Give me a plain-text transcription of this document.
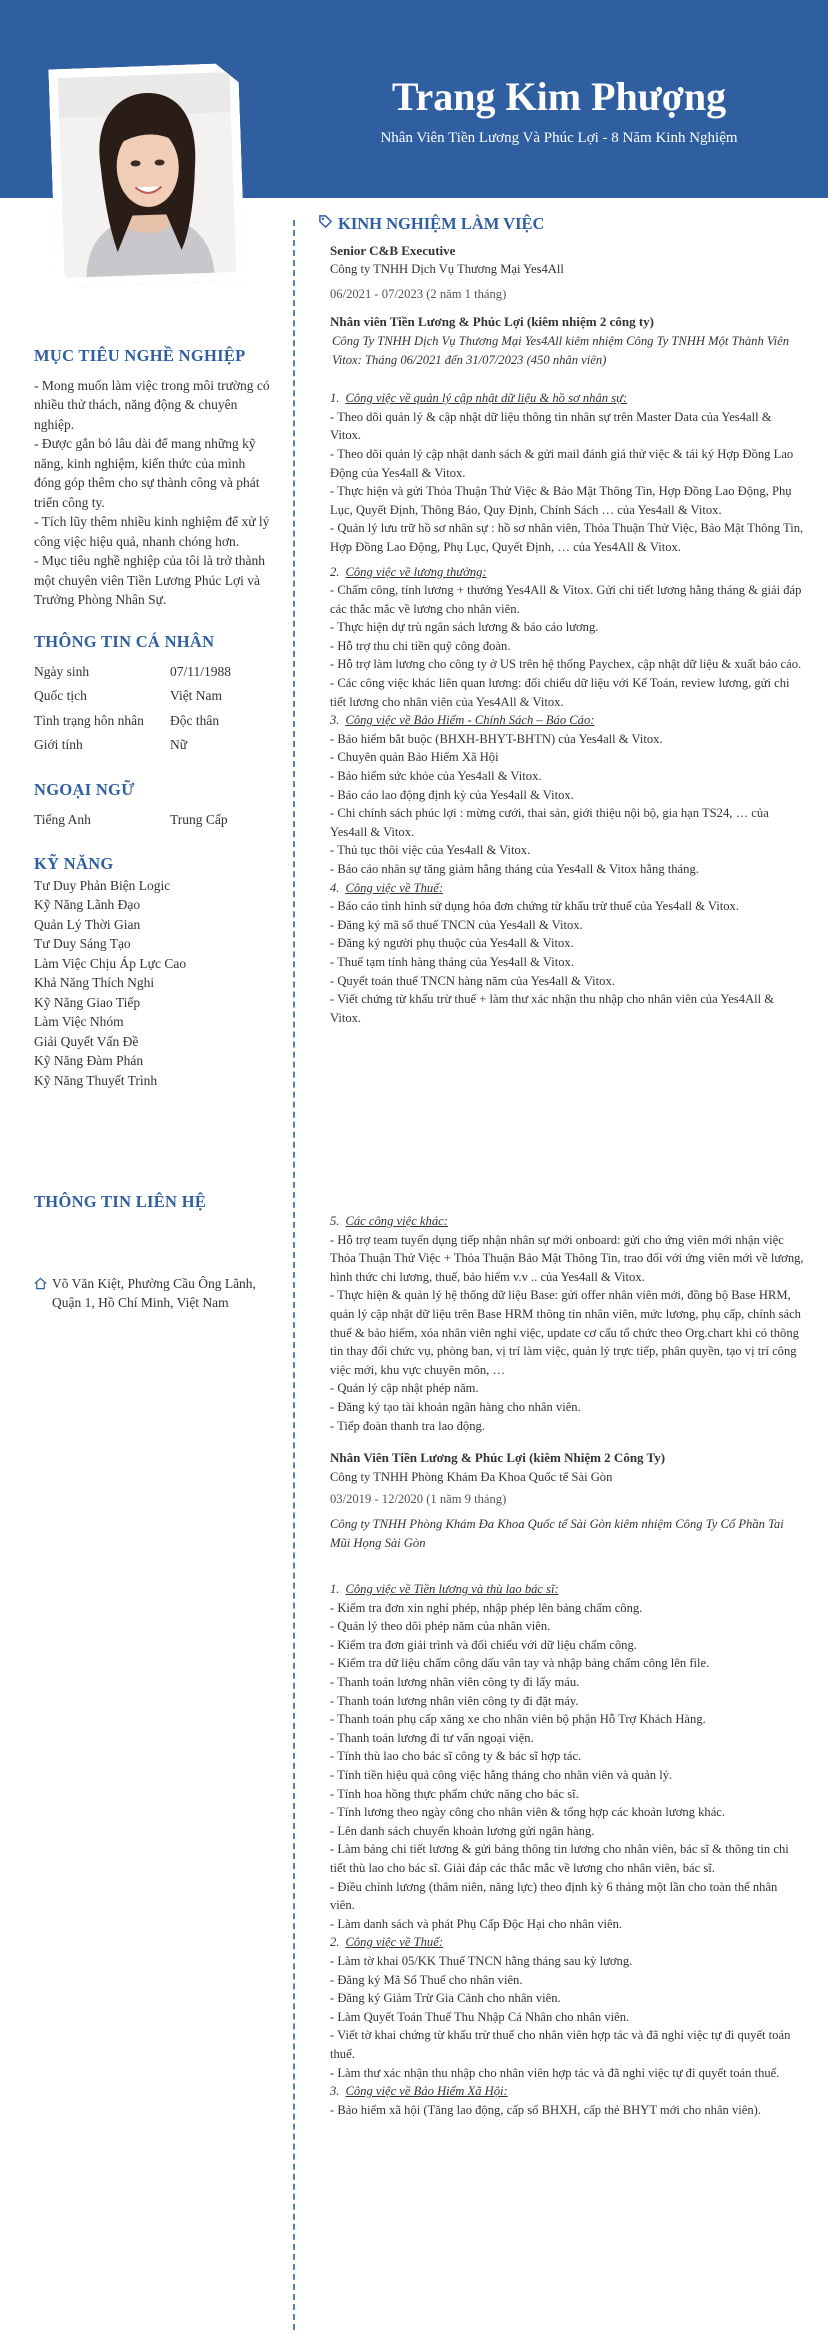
Trang Kim Phượng

Nhân Viên Tiền Lương Và Phúc Lợi - 8 Năm Kinh Nghiệm

MỤC TIÊU NGHỀ NGHIỆP
- Mong muốn làm việc trong môi trường có nhiều thử thách, năng động & chuyên nghiệp.
- Được gắn bó lâu dài để mang những kỹ năng, kinh nghiệm, kiến thức của mình đóng góp thêm cho sự thành công và phát triển công ty.
- Tích lũy thêm nhiều kinh nghiệm để xử lý công việc hiệu quả, nhanh chóng hơn.
- Mục tiêu nghề nghiệp của tôi là trở thành một chuyên viên Tiền Lương Phúc Lợi và Trưởng Phòng Nhân Sự.
THÔNG TIN CÁ NHÂN
Ngày sinh	07/11/1988
Quốc tịch	Việt Nam
Tình trạng hôn nhân	Độc thân
Giới tính	Nữ
NGOẠI NGỮ
Tiếng Anh	Trung Cấp
KỸ NĂNG
Tư Duy Phản Biện Logic
Kỹ Năng Lãnh Đạo
Quản Lý Thời Gian
Tư Duy Sáng Tạo
Làm Việc Chịu Áp Lực Cao
Khả Năng Thích Nghi
Kỹ Năng Giao Tiếp
Làm Việc Nhóm
Giải Quyết Vấn Đề
Kỹ Năng Đàm Phán
Kỹ Năng Thuyết Trình
THÔNG TIN LIÊN HỆ
Võ Văn Kiệt, Phường Cầu Ông Lãnh, Quận 1, Hồ Chí Minh, Việt Nam
KINH NGHIỆM LÀM VIỆC
Senior C&B Executive
Công ty TNHH Dịch Vụ Thương Mại Yes4All
06/2021 - 07/2023 (2 năm 1 tháng)
Nhân viên Tiền Lương & Phúc Lợi (kiêm nhiệm 2 công ty)
Công Ty TNHH Dịch Vụ Thương Mại Yes4All kiêm nhiệm Công Ty TNHH Một Thành Viên Vitox: Tháng 06/2021 đến 31/07/2023 (450 nhân viên)
1. Công việc về quản lý cập nhật dữ liệu & hồ sơ nhân sự:
- Theo dõi quản lý & cập nhật dữ liệu thông tin nhân sự trên Master Data của Yes4all & Vitox.
- Theo dõi quản lý cập nhật danh sách & gửi mail đánh giá thử việc & tái ký Hợp Đồng Lao Động của Yes4all & Vitox.
- Thực hiện và gửi Thỏa Thuận Thử Việc & Bảo Mật Thông Tin, Hợp Đồng Lao Động, Phụ Lục, Quyết Định, Thông Báo, Quy Định, Chính Sách … của Yes4all & Vitox.
- Quản lý lưu trữ hồ sơ nhân sự : hồ sơ nhân viên, Thỏa Thuận Thử Việc, Bảo Mật Thông Tin, Hợp Đồng Lao Động, Phụ Lục, Quyết Định, … của Yes4All & Vitox.
2. Công việc về lương thưởng:
- Chấm công, tính lương + thưởng Yes4All & Vitox. Gửi chi tiết lương hằng tháng & giải đáp các thắc mắc về lương cho nhân viên.
- Thực hiện dự trù ngân sách lương & báo cáo lương.
- Hỗ trợ thu chi tiền quỹ công đoàn.
- Hỗ trợ làm lương cho công ty ở US trên hệ thống Paychex, cập nhật dữ liệu & xuất báo cáo.
- Các công việc khác liên quan lương: đối chiếu dữ liệu với Kế Toán, review lương, gửi chi tiết lương cho nhân viên của Yes4All & Vitox.
3. Công việc về Bảo Hiểm - Chính Sách – Báo Cáo:
- Bảo hiểm bắt buộc (BHXH-BHYT-BHTN) của Yes4all & Vitox.
- Chuyên quản Bảo Hiểm Xã Hội
- Bảo hiểm sức khỏe của Yes4all & Vitox.
- Báo cáo lao động định kỳ của Yes4all & Vitox.
- Chi chính sách phúc lợi : mừng cưới, thai sản, giới thiệu nội bộ, gia hạn TS24, … của Yes4all & Vitox.
- Thủ tục thôi việc của Yes4all & Vitox.
- Báo cáo nhân sự tăng giảm hằng tháng của Yes4all & Vitox hằng tháng.
4. Công việc về Thuế:
- Báo cáo tình hình sử dụng hóa đơn chứng từ khấu trừ thuế của Yes4all & Vitox.
- Đăng ký mã số thuế TNCN của Yes4all & Vitox.
- Đăng ký người phụ thuộc của Yes4all & Vitox.
- Thuế tạm tính hàng tháng của Yes4all & Vitox.
- Quyết toán thuế TNCN hàng năm của Yes4all & Vitox.
- Viết chứng từ khấu trừ thuế + làm thư xác nhận thu nhập cho nhân viên của Yes4All & Vitox.
5. Các công việc khác:
- Hỗ trợ team tuyển dụng tiếp nhận nhân sự mới onboard: gửi cho ứng viên mới nhận việc Thỏa Thuận Thử Việc + Thỏa Thuận Bảo Mật Thông Tin, trao đổi với ứng viên mới về lương, hình thức chi lương, thuế, bảo hiểm v.v .. của Yes4all & Vitox.
- Thực hiện & quản lý hệ thống dữ liệu Base: gửi offer nhân viên mới, đồng bộ Base HRM, quản lý cập nhật dữ liệu trên Base HRM thông tin nhân viên, mức lương, phụ cấp, chính sách thuế & bảo hiểm, xóa nhân viên nghỉ việc, update cơ cấu tổ chức theo Org.chart khi có thông tin thay đổi chức vụ, phòng ban, vị trí làm việc, quản lý trực tiếp, phân quyền, tạo vị trí công việc mới, khu vực chuyên môn, …
- Quản lý cập nhật phép năm.
- Đăng ký tạo tài khoản ngân hàng cho nhân viên.
- Tiếp đoàn thanh tra lao động.
Nhân Viên Tiền Lương & Phúc Lợi (kiêm Nhiệm 2 Công Ty)
Công ty TNHH Phòng Khám Đa Khoa Quốc tế Sài Gòn
03/2019 - 12/2020 (1 năm 9 tháng)
Công ty TNHH Phòng Khám Đa Khoa Quốc tế Sài Gòn kiêm nhiệm Công Ty Cổ Phần Tai Mũi Họng Sài Gòn
1. Công việc về Tiền lương và thù lao bác sĩ:
- Kiểm tra đơn xin nghỉ phép, nhập phép lên bảng chấm công.
- Quản lý theo dõi phép năm của nhân viên.
- Kiểm tra đơn giải trình và đối chiếu với dữ liệu chấm công.
- Kiểm tra dữ liệu chấm công dấu vân tay và nhập bảng chấm công lên file.
- Thanh toán lương nhân viên công ty đi lấy máu.
- Thanh toán lương nhân viên công ty đi đặt máy.
- Thanh toán phụ cấp xăng xe cho nhân viên bộ phận Hỗ Trợ Khách Hàng.
- Thanh toán lương đi tư vấn ngoại viện.
- Tính thù lao cho bác sĩ công ty & bác sĩ hợp tác.
- Tính tiền hiệu quả công việc hằng tháng cho nhân viên và quản lý.
- Tính hoa hồng thực phẩm chức năng cho bác sĩ.
- Tính lương theo ngày công cho nhân viên & tổng hợp các khoản lương khác.
- Lên danh sách chuyển khoản lương gửi ngân hàng.
- Làm bảng chi tiết lương & gửi bảng thông tin lương cho nhân viên, bác sĩ & thông tin chi tiết thù lao cho bác sĩ. Giải đáp các thắc mắc về lương cho nhân viên, bác sĩ.
- Điều chỉnh lương (thâm niên, năng lực) theo định kỳ 6 tháng một lần cho toàn thể nhân viên.
- Làm danh sách và phát Phụ Cấp Độc Hại cho nhân viên.
2. Công việc về Thuế:
- Làm tờ khai 05/KK Thuế TNCN hằng tháng sau kỳ lương.
- Đăng ký Mã Số Thuế cho nhân viên.
- Đăng ký Giảm Trừ Gia Cảnh cho nhân viên.
- Làm Quyết Toán Thuế Thu Nhập Cá Nhân cho nhân viên.
- Viết tờ khai chứng từ khấu trừ thuế cho nhân viên hợp tác và đã nghỉ việc tự đi quyết toán thuế.
- Làm thư xác nhận thu nhập cho nhân viên hợp tác và đã nghỉ việc tự đi quyết toán thuế.
3. Công việc về Bảo Hiểm Xã Hội:
- Bảo hiểm xã hội (Tăng lao động, cấp sổ BHXH, cấp thẻ BHYT mới cho nhân viên).
